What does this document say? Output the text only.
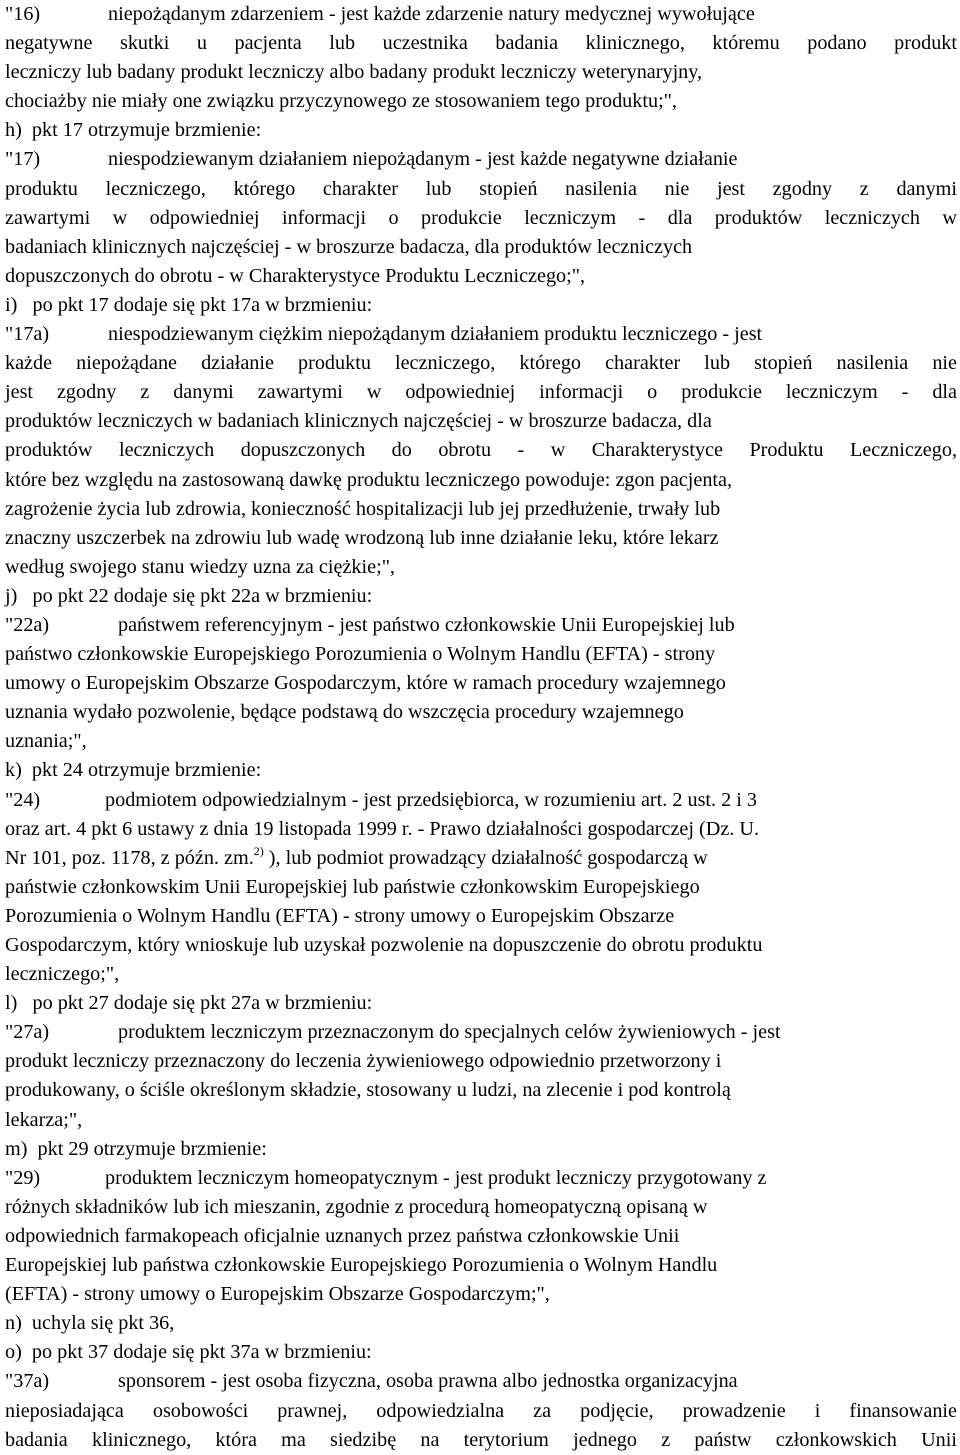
"16)	niepożądanym zdarzeniem - jest każde zdarzenie natury medycznej wywołujące
negatywne skutki u pacjenta lub uczestnika badania klinicznego, któremu podano produkt
leczniczy lub badany produkt leczniczy albo badany produkt leczniczy weterynaryjny,
chociażby nie miały one związku przyczynowego ze stosowaniem tego produktu;",
h)  pkt 17 otrzymuje brzmienie:
"17)	niespodziewanym działaniem niepożądanym - jest każde negatywne działanie
produktu leczniczego, którego charakter lub stopień nasilenia nie jest zgodny z danymi
zawartymi w odpowiedniej informacji o produkcie leczniczym - dla produktów leczniczych w
badaniach klinicznych najczęściej - w broszurze badacza, dla produktów leczniczych
dopuszczonych do obrotu - w Charakterystyce Produktu Leczniczego;",
i)   po pkt 17 dodaje się pkt 17a w brzmieniu:
"17a)	niespodziewanym ciężkim niepożądanym działaniem produktu leczniczego - jest
każde niepożądane działanie produktu leczniczego, którego charakter lub stopień nasilenia nie
jest zgodny z danymi zawartymi w odpowiedniej informacji o produkcie leczniczym - dla
produktów leczniczych w badaniach klinicznych najczęściej - w broszurze badacza, dla
produktów leczniczych dopuszczonych do obrotu - w Charakterystyce Produktu Leczniczego,
które bez względu na zastosowaną dawkę produktu leczniczego powoduje: zgon pacjenta,
zagrożenie życia lub zdrowia, konieczność hospitalizacji lub jej przedłużenie, trwały lub
znaczny uszczerbek na zdrowiu lub wadę wrodzoną lub inne działanie leku, które lekarz
według swojego stanu wiedzy uzna za ciężkie;",
j)   po pkt 22 dodaje się pkt 22a w brzmieniu:
"22a)	państwem referencyjnym - jest państwo członkowskie Unii Europejskiej lub
państwo członkowskie Europejskiego Porozumienia o Wolnym Handlu (EFTA) - strony
umowy o Europejskim Obszarze Gospodarczym, które w ramach procedury wzajemnego
uznania wydało pozwolenie, będące podstawą do wszczęcia procedury wzajemnego
uznania;",
k)  pkt 24 otrzymuje brzmienie:
"24)	podmiotem odpowiedzialnym - jest przedsiębiorca, w rozumieniu art. 2 ust. 2 i 3
oraz art. 4 pkt 6 ustawy z dnia 19 listopada 1999 r. - Prawo działalności gospodarczej (Dz. U.
Nr 101, poz. 1178, z późn. zm.$^{2)}$ ), lub podmiot prowadzący działalność gospodarczą w
państwie członkowskim Unii Europejskiej lub państwie członkowskim Europejskiego
Porozumienia o Wolnym Handlu (EFTA) - strony umowy o Europejskim Obszarze
Gospodarczym, który wnioskuje lub uzyskał pozwolenie na dopuszczenie do obrotu produktu
leczniczego;",
l)   po pkt 27 dodaje się pkt 27a w brzmieniu:
"27a)	produktem leczniczym przeznaczonym do specjalnych celów żywieniowych - jest
produkt leczniczy przeznaczony do leczenia żywieniowego odpowiednio przetworzony i
produkowany, o ściśle określonym składzie, stosowany u ludzi, na zlecenie i pod kontrolą
lekarza;",
m)  pkt 29 otrzymuje brzmienie:
"29)	produktem leczniczym homeopatycznym - jest produkt leczniczy przygotowany z
różnych składników lub ich mieszanin, zgodnie z procedurą homeopatyczną opisaną w
odpowiednich farmakopeach oficjalnie uznanych przez państwa członkowskie Unii
Europejskiej lub państwa członkowskie Europejskiego Porozumienia o Wolnym Handlu
(EFTA) - strony umowy o Europejskim Obszarze Gospodarczym;",
n)  uchyla się pkt 36,
o)  po pkt 37 dodaje się pkt 37a w brzmieniu:
"37a)	sponsorem - jest osoba fizyczna, osoba prawna albo jednostka organizacyjna
nieposiadająca osobowości prawnej, odpowiedzialna za podjęcie, prowadzenie i finansowanie
badania klinicznego, która ma siedzibę na terytorium jednego z państw członkowskich Unii
